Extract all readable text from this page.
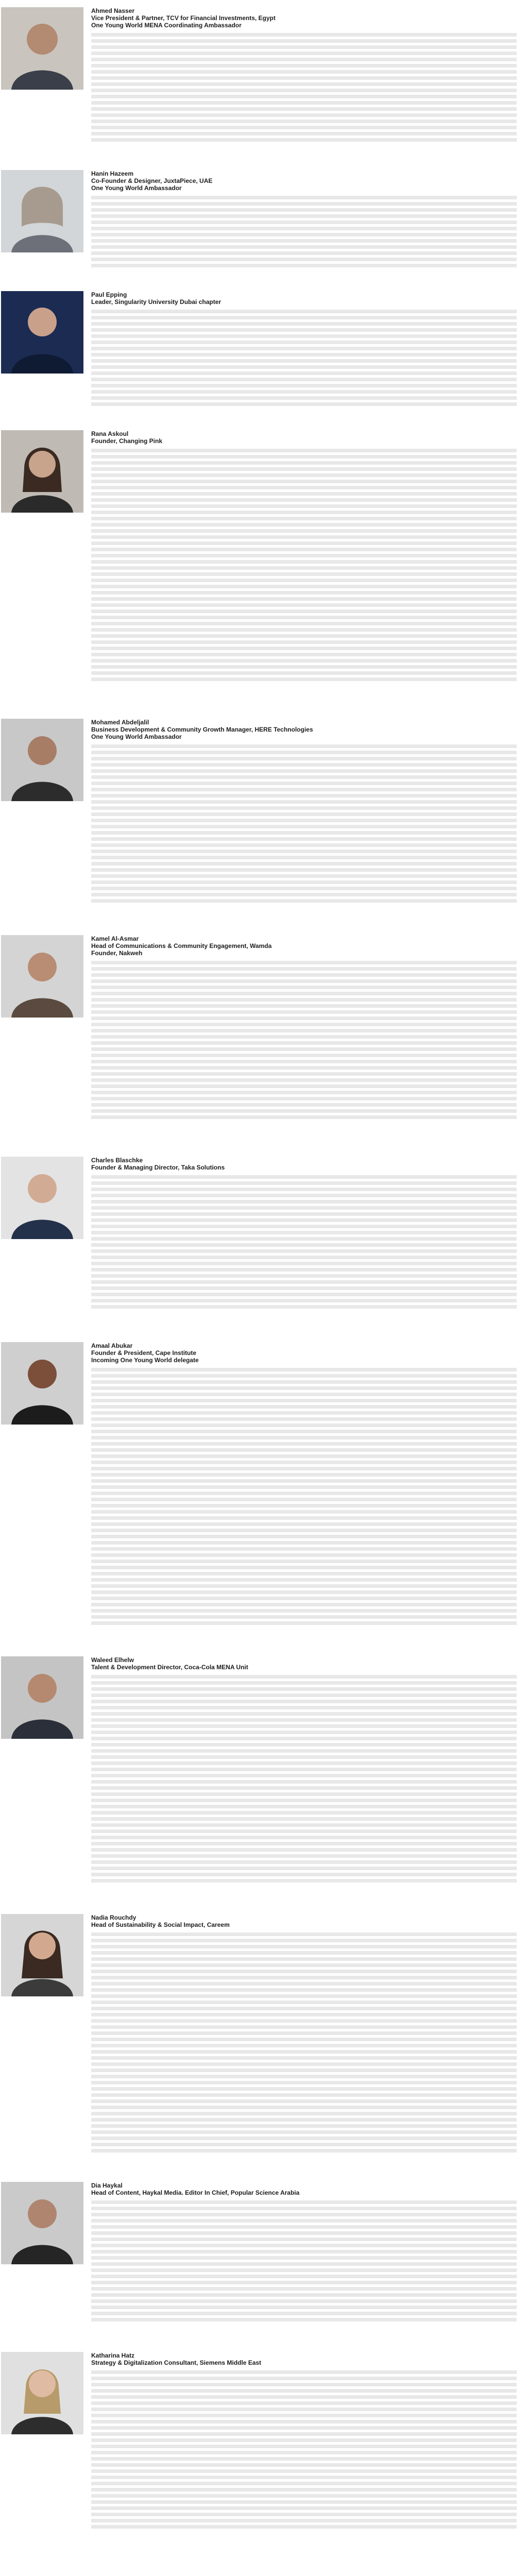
Ahmed Nasser

Vice President & Partner, TCV for Financial Investments, Egypt

One Young World MENA Coordinating Ambassador

Hanin Hazeem

Co-Founder & Designer, JuxtaPiece, UAE

One Young World Ambassador

Paul Epping

Leader, Singularity University Dubai chapter

Rana Askoul

Founder, Changing Pink

Mohamed Abdeljalil

Business Development & Community Growth Manager, HERE Technologies

One Young World Ambassador

Kamel Al-Asmar

Head of Communications & Community Engagement, Wamda

Founder, Nakweh

Charles Blaschke

Founder & Managing Director, Taka Solutions

Amaal Abukar

Founder & President, Cape Institute

Incoming One Young World delegate

Waleed Elhelw

Talent & Development Director, Coca-Cola MENA Unit

Nadia Rouchdy

Head of Sustainability & Social Impact, Careem

Dia Haykal

Head of Content, Haykal Media. Editor In Chief, Popular Science Arabia

Katharina Hatz

Strategy & Digitalization Consultant, Siemens Middle East
